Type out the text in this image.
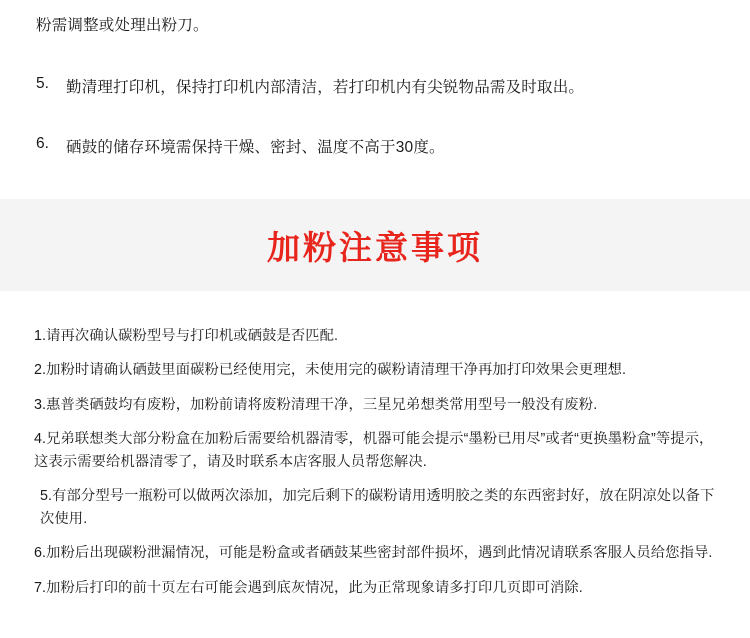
粉需调整或处理出粉刀。
5.	勤清理打印机，保持打印机内部清洁，若打印机内有尖锐物品需及时取出。
6.	硒鼓的储存环境需保持干燥、密封、温度不高于30度。
加粉注意事项
1.请再次确认碳粉型号与打印机或硒鼓是否匹配.
2.加粉时请确认硒鼓里面碳粉已经使用完，未使用完的碳粉请清理干净再加打印效果会更理想.
3.惠普类硒鼓均有废粉，加粉前请将废粉清理干净，三星兄弟想类常用型号一般没有废粉.
4.兄弟联想类大部分粉盒在加粉后需要给机器清零，机器可能会提示“墨粉已用尽”或者“更换墨粉盒”等提示，这表示需要给机器清零了，请及时联系本店客服人员帮您解决.
5.有部分型号一瓶粉可以做两次添加，加完后剩下的碳粉请用透明胶之类的东西密封好，放在阴凉处以备下次使用.
6.加粉后出现碳粉泄漏情况，可能是粉盒或者硒鼓某些密封部件损坏，遇到此情况请联系客服人员给您指导.
7.加粉后打印的前十页左右可能会遇到底灰情况，此为正常现象请多打印几页即可消除.
